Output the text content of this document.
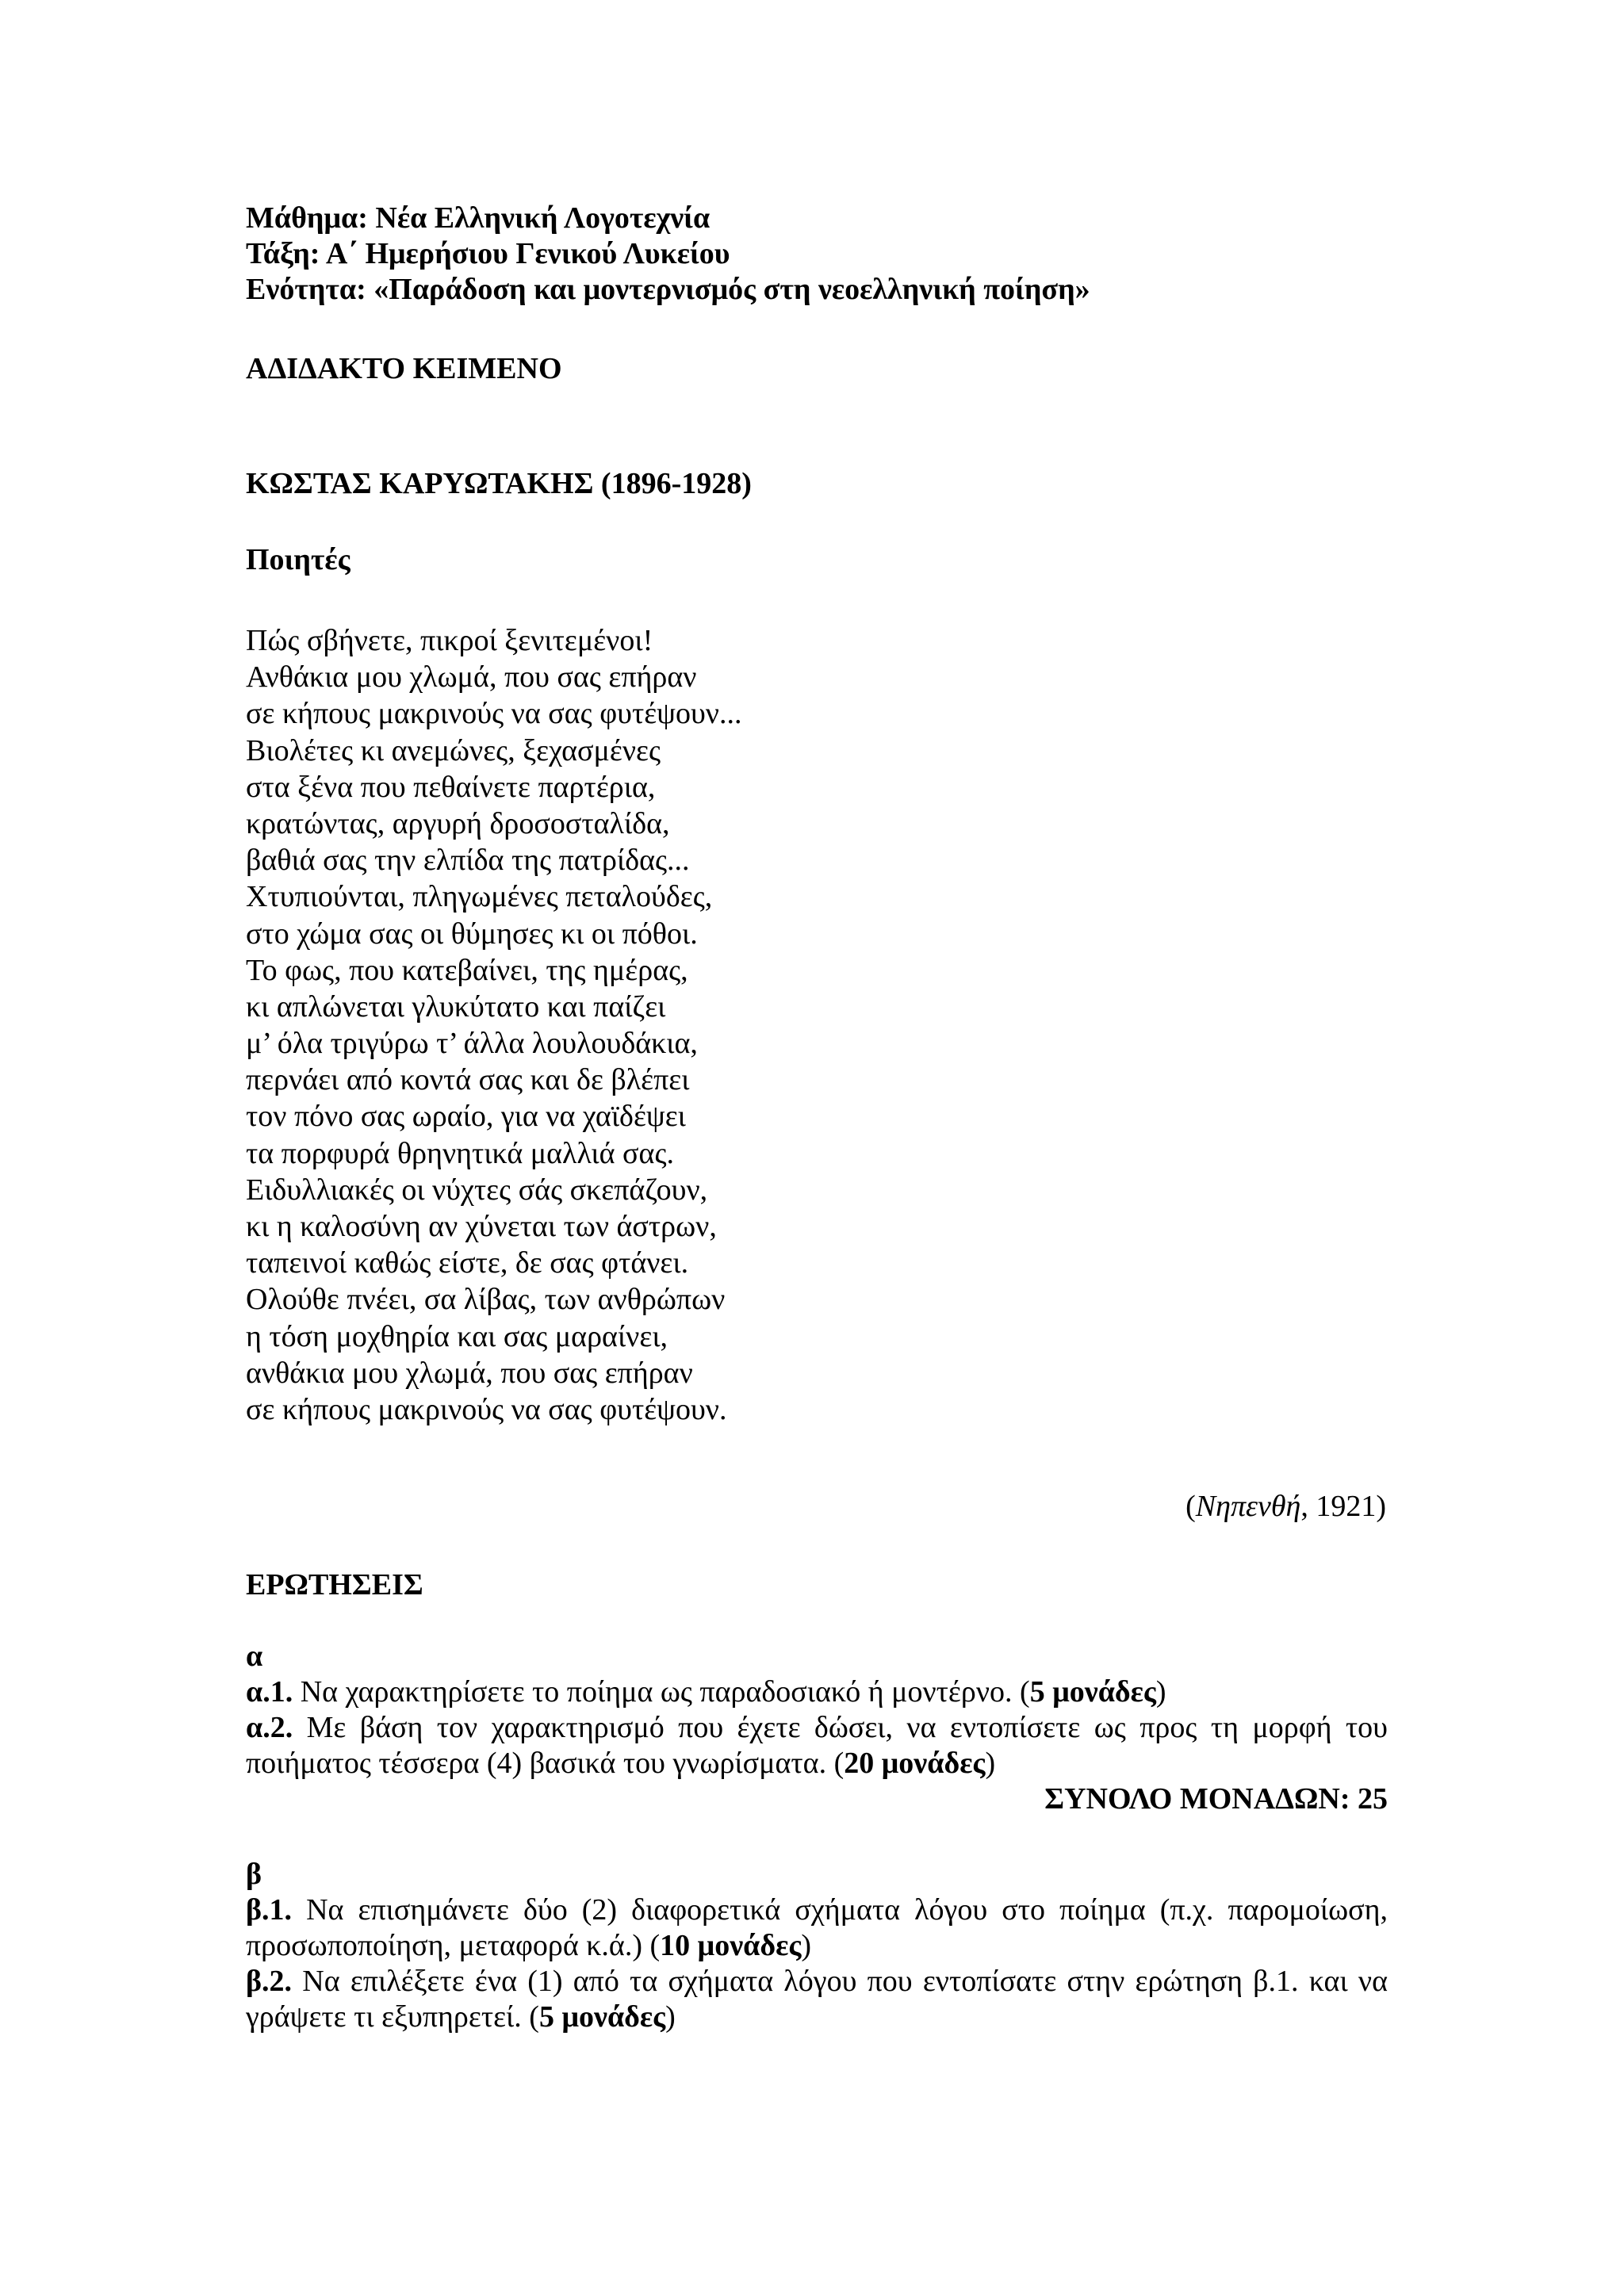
Μάθημα: Νέα Ελληνική Λογοτεχνία
Τάξη: Α΄ Ημερήσιου Γενικού Λυκείου
Ενότητα: «Παράδοση και μοντερνισμός στη νεοελληνική ποίηση»
ΑΔΙΔΑΚΤΟ ΚΕΙΜΕΝΟ
ΚΩΣΤΑΣ ΚΑΡΥΩΤΑΚΗΣ (1896-1928)
Ποιητές
Πώς σβήνετε, πικροί ξενιτεμένοι!
Ανθάκια μου χλωμά, που σας επήραν
σε κήπους μακρινούς να σας φυτέψουν...
Βιολέτες κι ανεμώνες, ξεχασμένες
στα ξένα που πεθαίνετε παρτέρια,
κρατώντας, αργυρή δροσοσταλίδα,
βαθιά σας την ελπίδα της πατρίδας...
Χτυπιούνται, πληγωμένες πεταλούδες,
στο χώμα σας οι θύμησες κι οι πόθοι.
Το φως, που κατεβαίνει, της ημέρας,
κι απλώνεται γλυκύτατο και παίζει
μ’ όλα τριγύρω τ’ άλλα λουλουδάκια,
περνάει από κοντά σας και δε βλέπει
τον πόνο σας ωραίο, για να χαϊδέψει
τα πορφυρά θρηνητικά μαλλιά σας.
Ειδυλλιακές οι νύχτες σάς σκεπάζουν,
κι η καλοσύνη αν χύνεται των άστρων,
ταπεινοί καθώς είστε, δε σας φτάνει.
Ολούθε πνέει, σα λίβας, των ανθρώπων
η τόση μοχθηρία και σας μαραίνει,
ανθάκια μου χλωμά, που σας επήραν
σε κήπους μακρινούς να σας φυτέψουν.
(Νηπενθή, 1921)
ΕΡΩΤΗΣΕΙΣ

α

α.1. Να χαρακτηρίσετε το ποίημα ως παραδοσιακό ή μοντέρνο. (5 μονάδες)

α.2. Με βάση τον χαρακτηρισμό που έχετε δώσει, να εντοπίσετε ως προς τη μορφή του ποιήματος τέσσερα (4) βασικά του γνωρίσματα. (20 μονάδες)

ΣΥΝΟΛΟ ΜΟΝΑΔΩΝ: 25

β

β.1. Να επισημάνετε δύο (2) διαφορετικά σχήματα λόγου στο ποίημα (π.χ. παρομοίωση, προσωποποίηση, μεταφορά κ.ά.) (10 μονάδες)

β.2. Να επιλέξετε ένα (1) από τα σχήματα λόγου που εντοπίσατε στην ερώτηση β.1. και να γράψετε τι εξυπηρετεί. (5 μονάδες)
